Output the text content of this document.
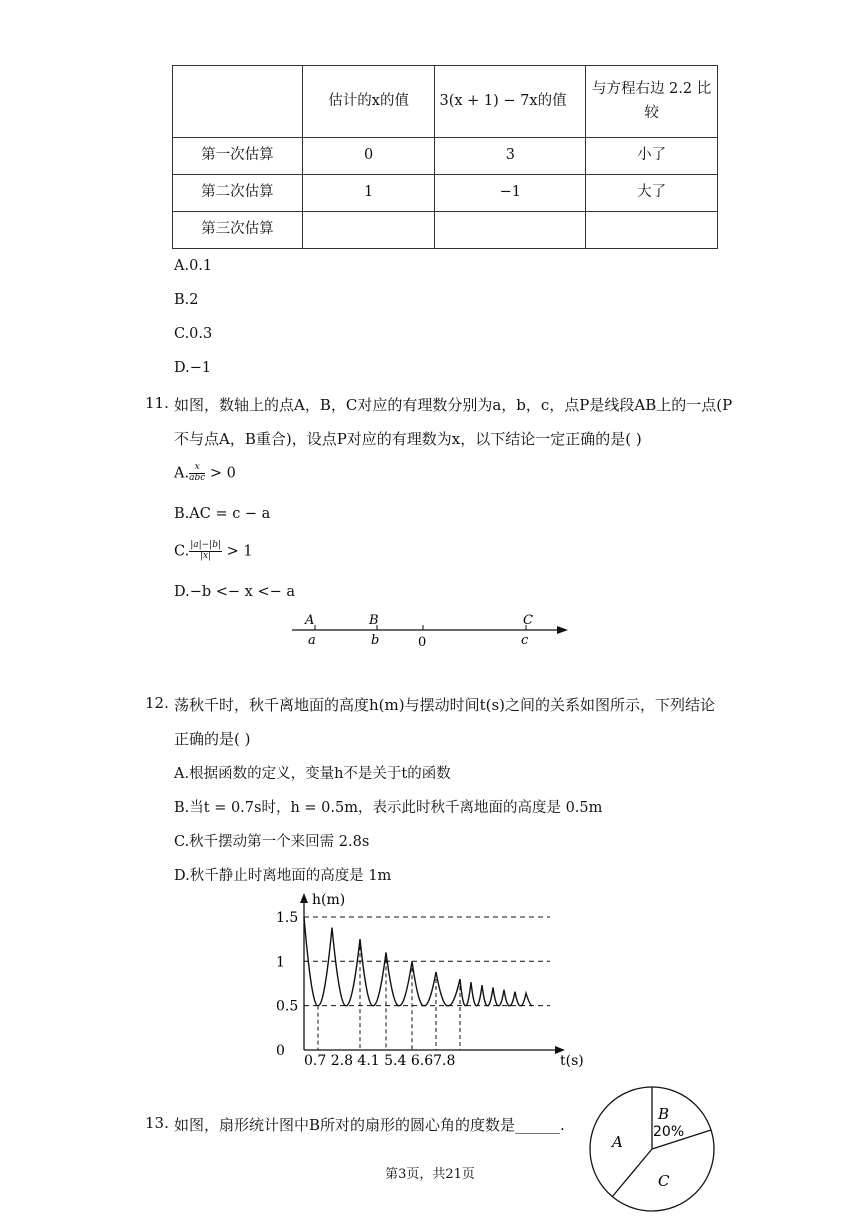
	估计的x的值	3(x + 1) − 7x的值	与方程右边 2.2 比较
第一次估算	0	3	小了
第二次估算	1	−1	大了
第三次估算			
A.0.1
B.2
C.0.3
D.−1
11. 如图，数轴上的点A，B，C对应的有理数分别为a，b，c，点P是线段AB上的一点(P
不与点A，B重合)，设点P对应的有理数为x，以下结论一定正确的是( )
A. $\frac{x}{\text{abc}} > 0$
B.AC = c − a
C. $\frac{|a|-|b|}{|x|} > 1$
D.−b <− x <− a
A	B	C
a	b	0	c
12. 荡秋千时，秋千离地面的高度h(m)与摆动时间t(s)之间的关系如图所示，下列结论
正确的是( )
A.根据函数的定义，变量h不是关于t的函数
B.当t = 0.7s时，h = 0.5m，表示此时秋千离地面的高度是 0.5m
C.秋千摆动第一个来回需 2.8s
D.秋千静止时离地面的高度是 1m
h(m)
t(s)
1.5
1
0.5
0
0.7 2.8 4.1 5.4 6.67.8
13. 如图，扇形统计图中B所对的扇形的圆心角的度数是______.
B
20%
A
C
第3页，共21页
